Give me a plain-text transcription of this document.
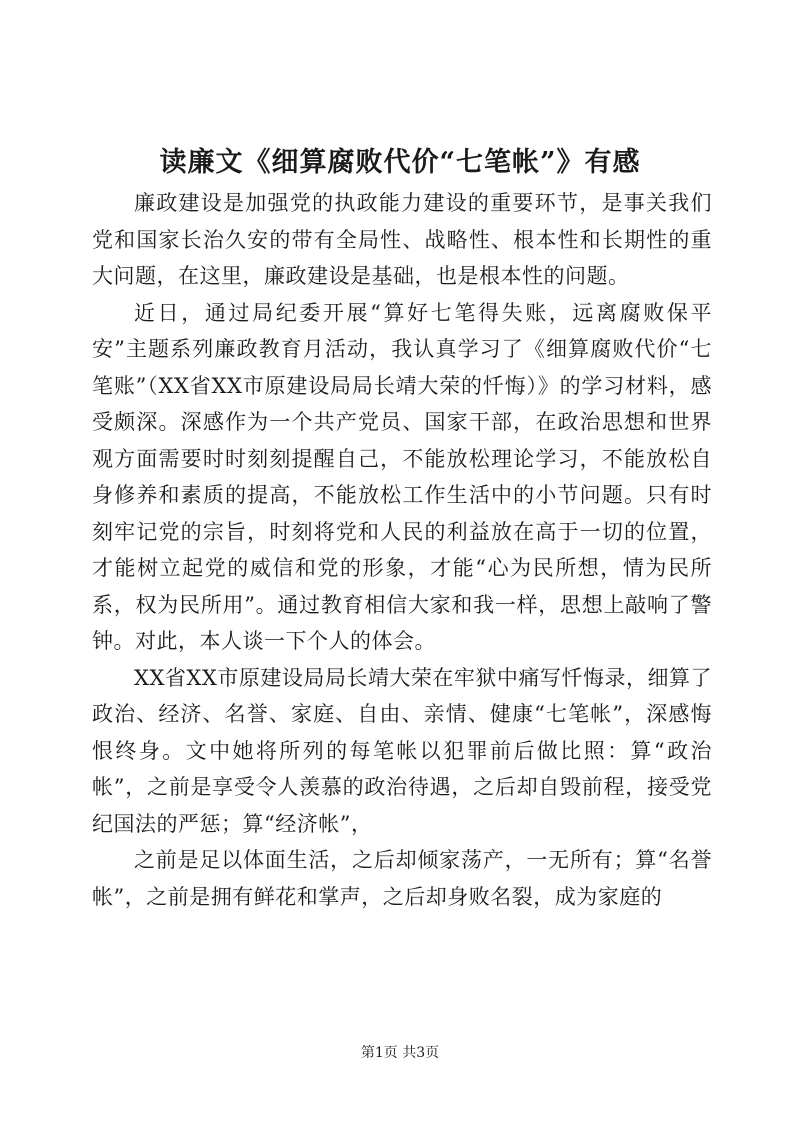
读廉文《细算腐败代价“七笔帐”》有感

廉政建设是加强党的执政能力建设的重要环节，是事关我们党和国家长治久安的带有全局性、战略性、根本性和长期性的重大问题，在这里，廉政建设是基础，也是根本性的问题。

近日，通过局纪委开展“算好七笔得失账，远离腐败保平安”主题系列廉政教育月活动，我认真学习了《细算腐败代价“七笔账”（XX省XX市原建设局局长靖大荣的忏悔）》的学习材料，感受颇深。深感作为一个共产党员、国家干部，在政治思想和世界观方面需要时时刻刻提醒自己，不能放松理论学习，不能放松自身修养和素质的提高，不能放松工作生活中的小节问题。只有时刻牢记党的宗旨，时刻将党和人民的利益放在高于一切的位置，才能树立起党的威信和党的形象，才能“心为民所想，情为民所系，权为民所用”。通过教育相信大家和我一样，思想上敲响了警钟。对此，本人谈一下个人的体会。

XX省XX市原建设局局长靖大荣在牢狱中痛写忏悔录，细算了政治、经济、名誉、家庭、自由、亲情、健康“七笔帐”，深感悔恨终身。文中她将所列的每笔帐以犯罪前后做比照：算“政治帐”，之前是享受令人羡慕的政治待遇，之后却自毁前程，接受党纪国法的严惩；算“经济帐”，

之前是足以体面生活，之后却倾家荡产，一无所有；算“名誉帐”，之前是拥有鲜花和掌声，之后却身败名裂，成为家庭的

第1页 共3页
